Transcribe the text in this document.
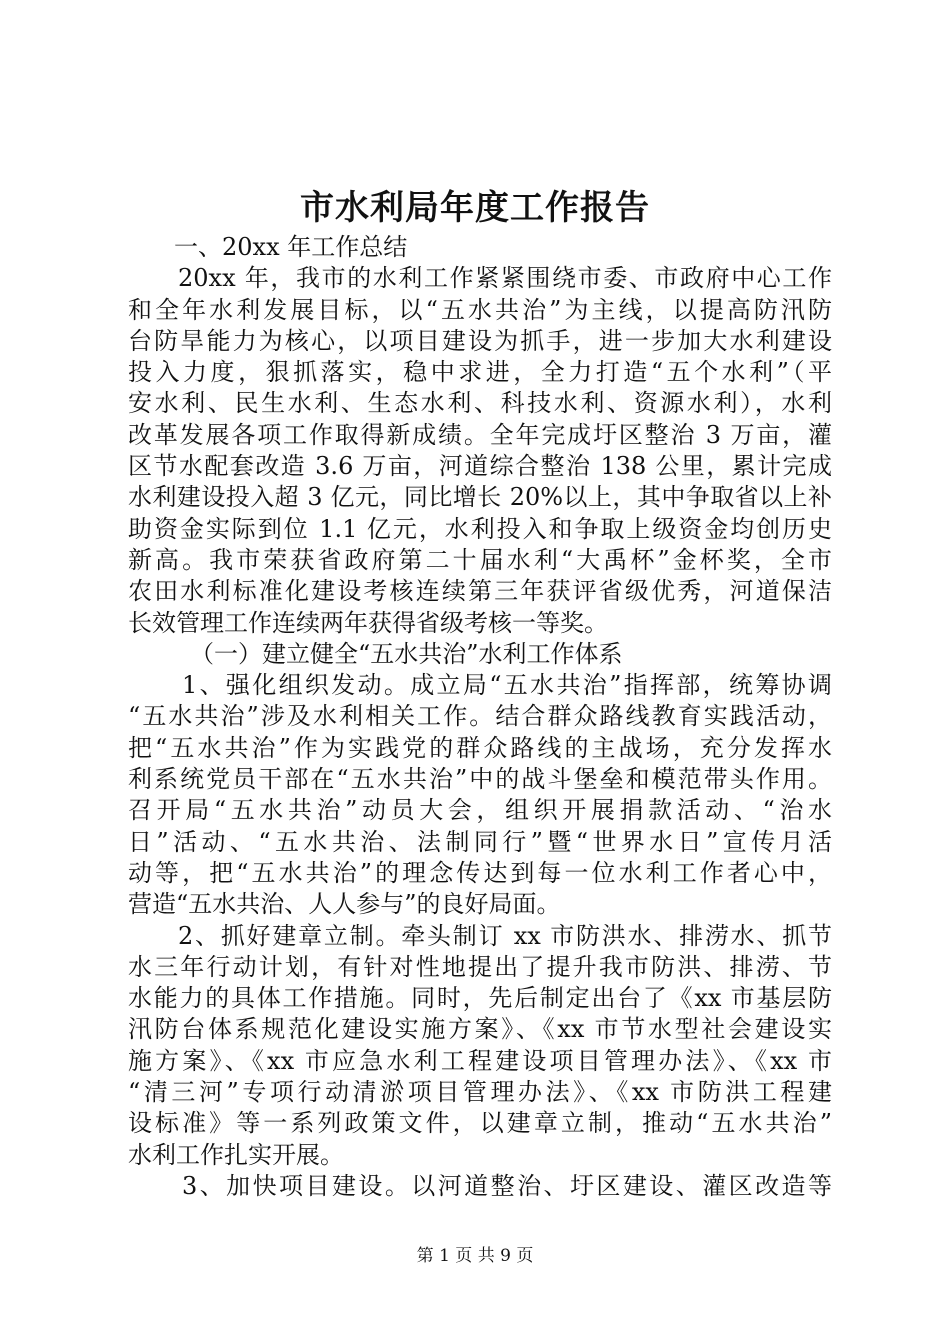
市水利局年度工作报告
一、20xx 年工作总结
20xx 年，我市的水利工作紧紧围绕市委、市政府中心工作
和全年水利发展目标，以“五水共治”为主线，以提高防汛防
台防旱能力为核心，以项目建设为抓手，进一步加大水利建设
投入力度，狠抓落实，稳中求进，全力打造“五个水利”（平
安水利、民生水利、生态水利、科技水利、资源水利），水利
改革发展各项工作取得新成绩。全年完成圩区整治 3 万亩，灌
区节水配套改造 3.6 万亩，河道综合整治 138 公里，累计完成
水利建设投入超 3 亿元，同比增长 20%以上，其中争取省以上补
助资金实际到位 1.1 亿元，水利投入和争取上级资金均创历史
新高。我市荣获省政府第二十届水利“大禹杯”金杯奖，全市
农田水利标准化建设考核连续第三年获评省级优秀，河道保洁
长效管理工作连续两年获得省级考核一等奖。
（一）建立健全“五水共治”水利工作体系
1、强化组织发动。成立局“五水共治”指挥部，统筹协调
“五水共治”涉及水利相关工作。结合群众路线教育实践活动，
把“五水共治”作为实践党的群众路线的主战场，充分发挥水
利系统党员干部在“五水共治”中的战斗堡垒和模范带头作用。
召开局“五水共治”动员大会，组织开展捐款活动、“治水
日”活动、“五水共治、法制同行”暨“世界水日”宣传月活
动等，把“五水共治”的理念传达到每一位水利工作者心中，
营造“五水共治、人人参与”的良好局面。
2、抓好建章立制。牵头制订 xx 市防洪水、排涝水、抓节
水三年行动计划，有针对性地提出了提升我市防洪、排涝、节
水能力的具体工作措施。同时，先后制定出台了《xx 市基层防
汛防台体系规范化建设实施方案》、《xx 市节水型社会建设实
施方案》、《xx 市应急水利工程建设项目管理办法》、《xx 市
“清三河”专项行动清淤项目管理办法》、《xx 市防洪工程建
设标准》等一系列政策文件，以建章立制，推动“五水共治”
水利工作扎实开展。
3、加快项目建设。以河道整治、圩区建设、灌区改造等
第 1 页 共 9 页
